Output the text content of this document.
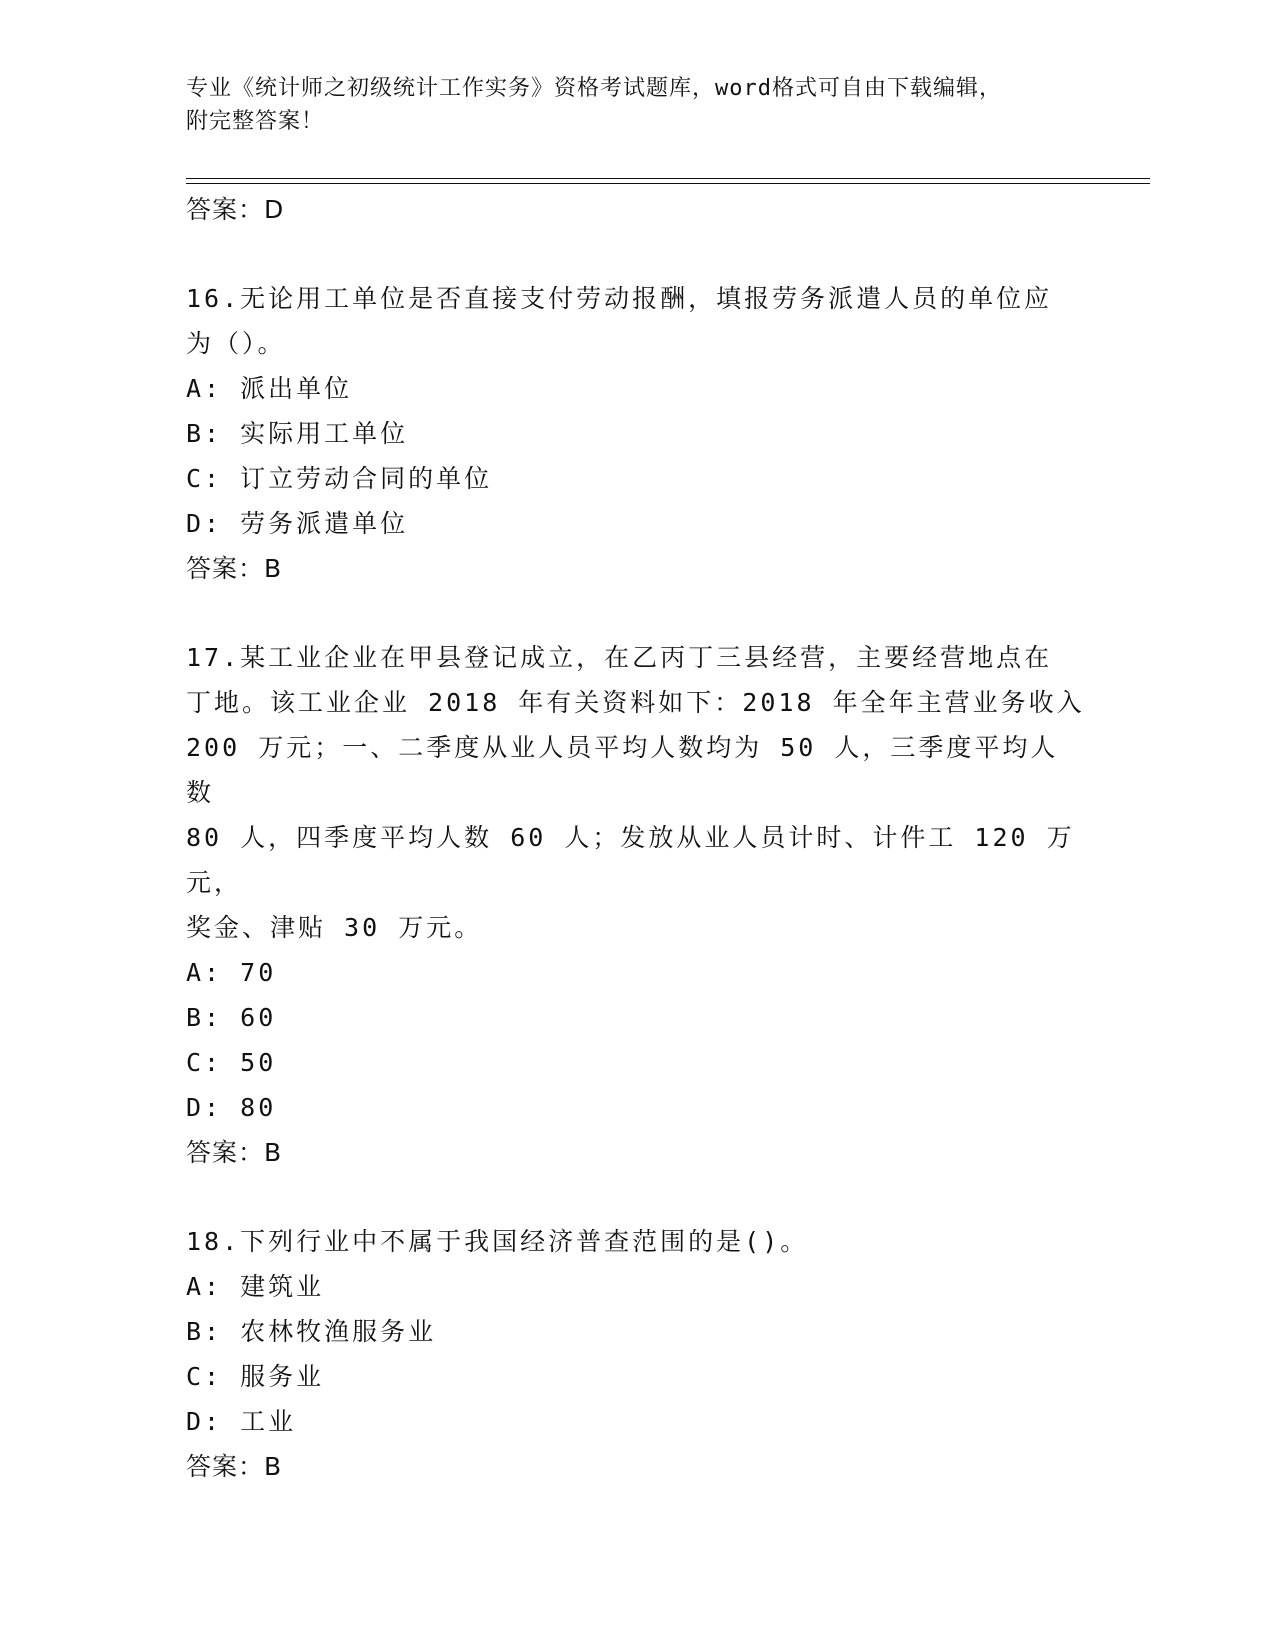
专业《统计师之初级统计工作实务》资格考试题库，word格式可自由下载编辑，
附完整答案！
答案：D
16.无论用工单位是否直接支付劳动报酬，填报劳务派遣人员的单位应
为（）。
A: 派出单位
B: 实际用工单位
C: 订立劳动合同的单位
D: 劳务派遣单位
答案：B
17.某工业企业在甲县登记成立，在乙丙丁三县经营，主要经营地点在
丁地。该工业企业 2018 年有关资料如下：2018 年全年主营业务收入
200 万元；一、二季度从业人员平均人数均为 50 人，三季度平均人数
80 人，四季度平均人数 60 人；发放从业人员计时、计件工 120 万元，
奖金、津贴 30 万元。
A: 70
B: 60
C: 50
D: 80
答案：B
18.下列行业中不属于我国经济普查范围的是()。
A: 建筑业
B: 农林牧渔服务业
C: 服务业
D: 工业
答案：B
